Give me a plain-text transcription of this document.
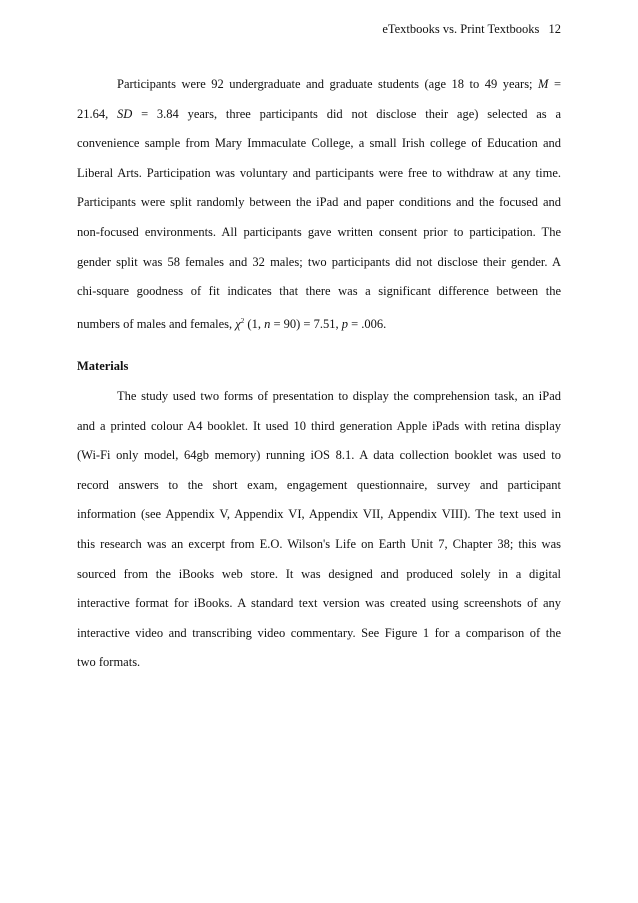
eTextbooks vs. Print Textbooks 12
Participants were 92 undergraduate and graduate students (age 18 to 49 years; M =
21.64, SD = 3.84 years, three participants did not disclose their age) selected as a
convenience sample from Mary Immaculate College, a small Irish college of Education and
Liberal Arts. Participation was voluntary and participants were free to withdraw at any time.
Participants were split randomly between the iPad and paper conditions and the focused and
non-focused environments. All participants gave written consent prior to participation. The
gender split was 58 females and 32 males; two participants did not disclose their gender. A
chi-square goodness of fit indicates that there was a significant difference between the
numbers of males and females, $\chi^2$ (1, n = 90) = 7.51, p = .006.
Materials
The study used two forms of presentation to display the comprehension task, an iPad
and a printed colour A4 booklet. It used 10 third generation Apple iPads with retina display
(Wi-Fi only model, 64gb memory) running iOS 8.1. A data collection booklet was used to
record answers to the short exam, engagement questionnaire, survey and participant
information (see Appendix V, Appendix VI, Appendix VII, Appendix VIII). The text used in
this research was an excerpt from E.O. Wilson's Life on Earth Unit 7, Chapter 38; this was
sourced from the iBooks web store. It was designed and produced solely in a digital
interactive format for iBooks. A standard text version was created using screenshots of any
interactive video and transcribing video commentary. See Figure 1 for a comparison of the
two formats.
